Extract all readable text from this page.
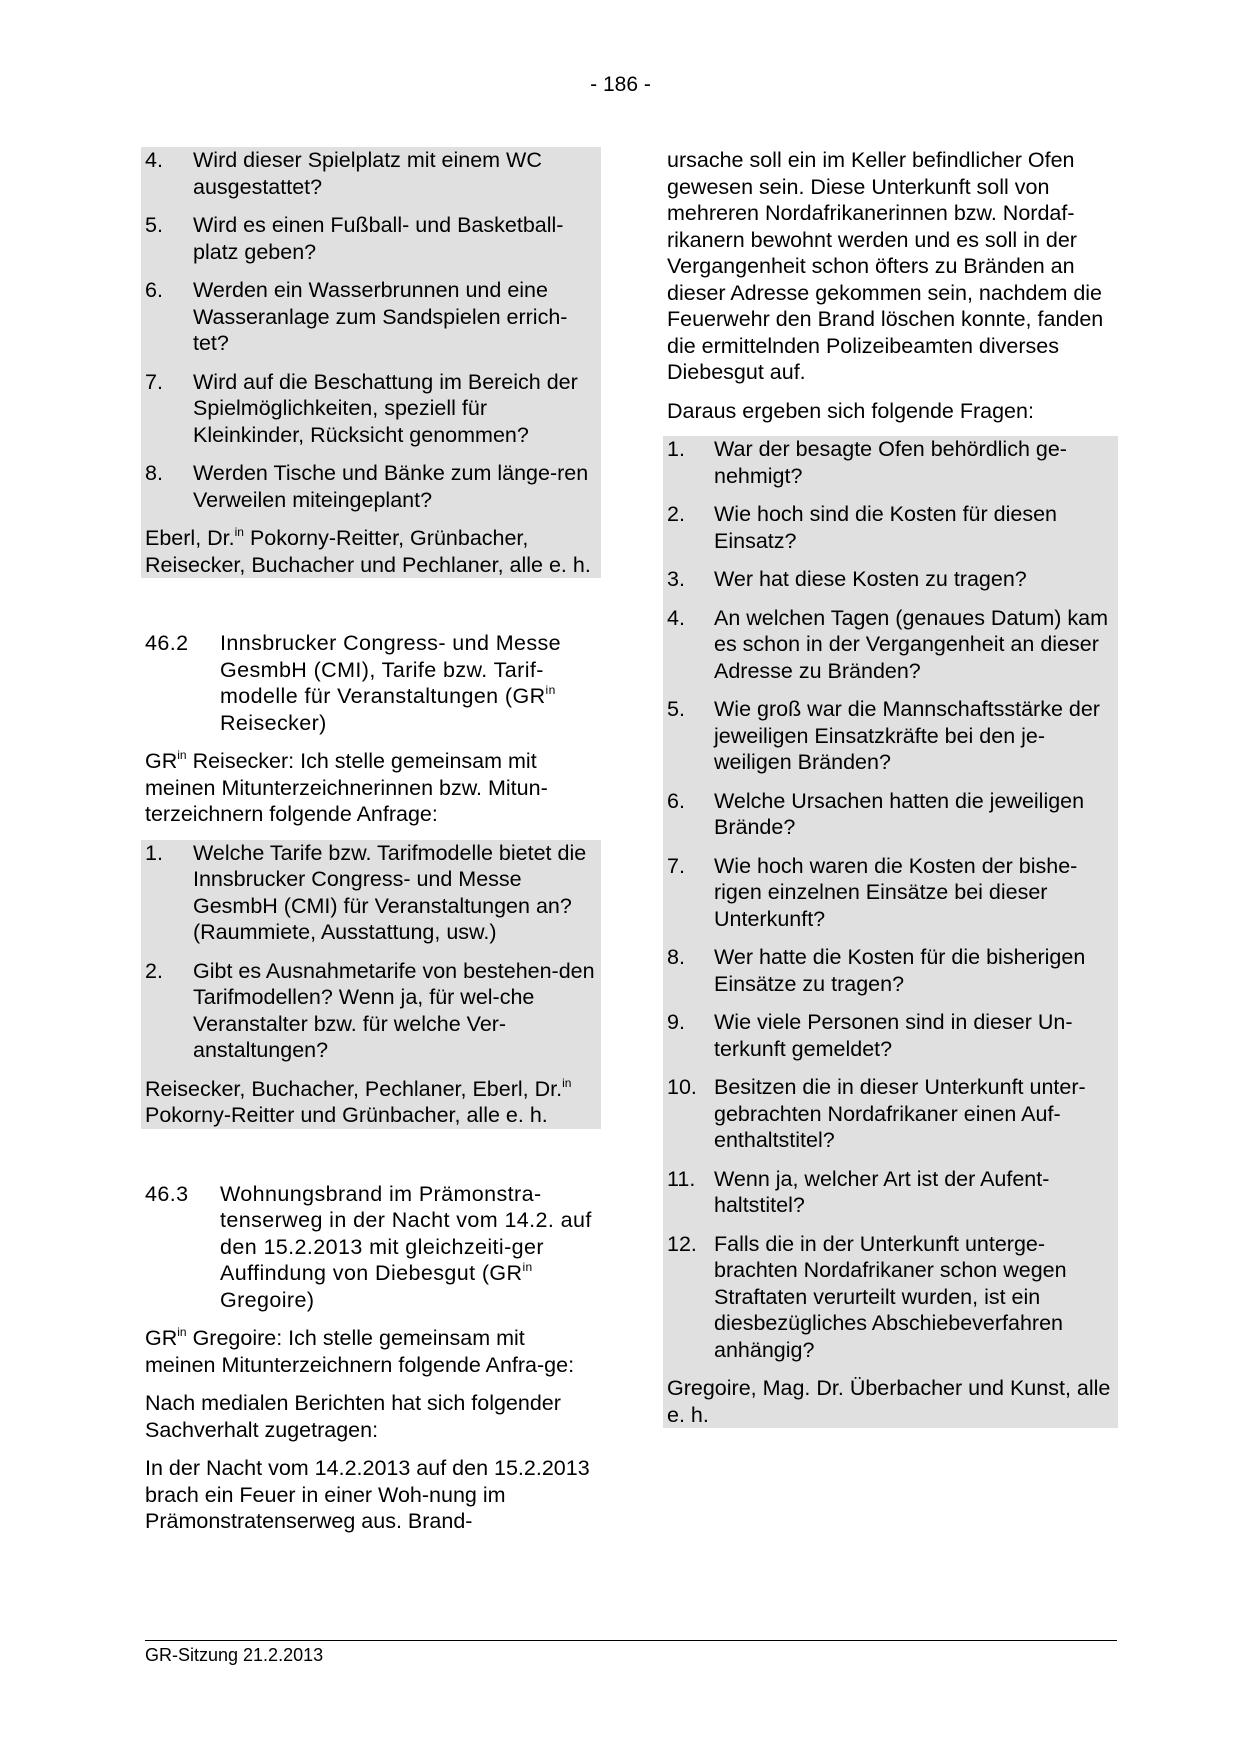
- 186 -
4.	Wird dieser Spielplatz mit einem WC ausgestattet?
5.	Wird es einen Fußball- und Basketball-platz geben?
6.	Werden ein Wasserbrunnen und eine Wasseranlage zum Sandspielen errich-tet?
7.	Wird auf die Beschattung im Bereich der Spielmöglichkeiten, speziell für Kleinkinder, Rücksicht genommen?
8.	Werden Tische und Bänke zum länge-ren Verweilen miteingeplant?
Eberl, Dr.$^{in}$ Pokorny-Reitter, Grünbacher, Reisecker, Buchacher und Pechlaner, alle e. h.
46.2	Innsbrucker Congress- und Messe GesmbH (CMI), Tarife bzw. Tarif-modelle für Veranstaltungen ($GR^{in}$ Reisecker)
$GR^{in}$ Reisecker: Ich stelle gemeinsam mit meinen Mitunterzeichnerinnen bzw. Mitun-terzeichnern folgende Anfrage:
1.	Welche Tarife bzw. Tarifmodelle bietet die Innsbrucker Congress- und Messe GesmbH (CMI) für Veranstaltungen an? (Raummiete, Ausstattung, usw.)
2.	Gibt es Ausnahmetarife von bestehen-den Tarifmodellen? Wenn ja, für wel-che Veranstalter bzw. für welche Ver-anstaltungen?
Reisecker, Buchacher, Pechlaner, Eberl, Dr.$^{in}$ Pokorny-Reitter und Grünbacher, alle e. h.
46.3	Wohnungsbrand im Prämonstra-tenserweg in der Nacht vom 14.2. auf den 15.2.2013 mit gleichzeiti-ger Auffindung von Diebesgut ($GR^{in}$ Gregoire)
$GR^{in}$ Gregoire: Ich stelle gemeinsam mit meinen Mitunterzeichnern folgende Anfra-ge:
Nach medialen Berichten hat sich folgender Sachverhalt zugetragen:
In der Nacht vom 14.2.2013 auf den 15.2.2013 brach ein Feuer in einer Woh-nung im Prämonstratenserweg aus. Brand-
ursache soll ein im Keller befindlicher Ofen gewesen sein. Diese Unterkunft soll von mehreren Nordafrikanerinnen bzw. Nordaf-rikanern bewohnt werden und es soll in der Vergangenheit schon öfters zu Bränden an dieser Adresse gekommen sein, nachdem die Feuerwehr den Brand löschen konnte, fanden die ermittelnden Polizeibeamten diverses Diebesgut auf.
Daraus ergeben sich folgende Fragen:
1.	War der besagte Ofen behördlich ge-nehmigt?
2.	Wie hoch sind die Kosten für diesen Einsatz?
3.	Wer hat diese Kosten zu tragen?
4.	An welchen Tagen (genaues Datum) kam es schon in der Vergangenheit an dieser Adresse zu Bränden?
5.	Wie groß war die Mannschaftsstärke der jeweiligen Einsatzkräfte bei den je-weiligen Bränden?
6.	Welche Ursachen hatten die jeweiligen Brände?
7.	Wie hoch waren die Kosten der bishe-rigen einzelnen Einsätze bei dieser Unterkunft?
8.	Wer hatte die Kosten für die bisherigen Einsätze zu tragen?
9.	Wie viele Personen sind in dieser Un-terkunft gemeldet?
10. Besitzen die in dieser Unterkunft unter-gebrachten Nordafrikaner einen Auf-enthaltstitel?
11. Wenn ja, welcher Art ist der Aufent-haltstitel?
12. Falls die in der Unterkunft unterge-brachten Nordafrikaner schon wegen Straftaten verurteilt wurden, ist ein diesbezügliches Abschiebeverfahren anhängig?
Gregoire, Mag. Dr. Überbacher und Kunst, alle e. h.
GR-Sitzung 21.2.2013
